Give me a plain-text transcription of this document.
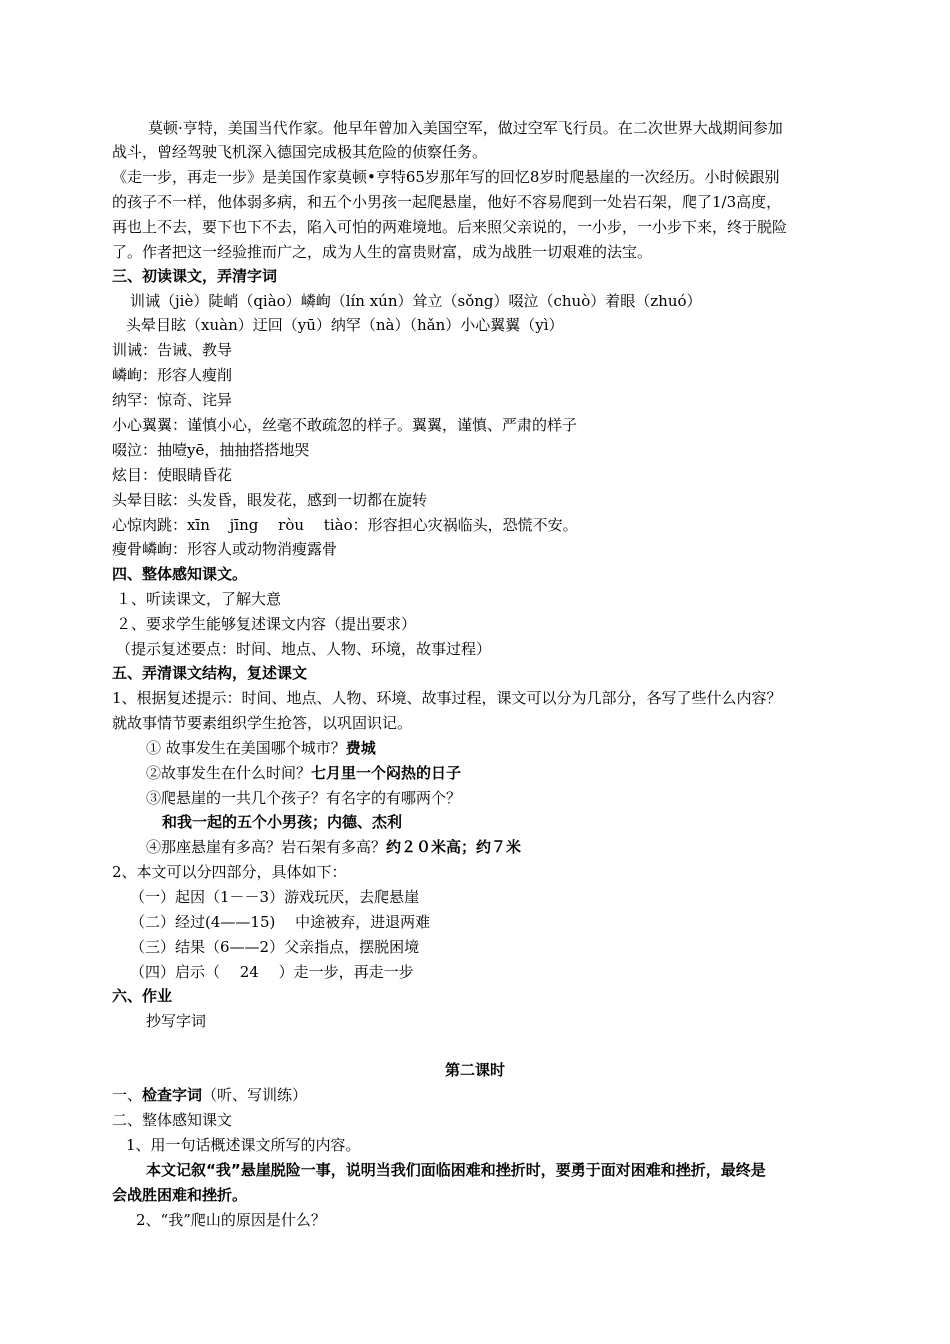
莫顿·亨特，美国当代作家。他早年曾加入美国空军，做过空军飞行员。在二次世界大战期间参加
战斗，曾经驾驶飞机深入德国完成极其危险的侦察任务。
《走一步，再走一步》是美国作家莫顿•亨特65岁那年写的回忆8岁时爬悬崖的一次经历。小时候跟别
的孩子不一样，他体弱多病，和五个小男孩一起爬悬崖，他好不容易爬到一处岩石架，爬了1/3高度，
再也上不去，要下也下不去，陷入可怕的两难境地。后来照父亲说的，一小步，一小步下来，终于脱险
了。作者把这一经验推而广之，成为人生的富贵财富，成为战胜一切艰难的法宝。
三、初读课文，弄清字词
训诫（jiè）陡峭（qiào）嶙峋（lín xún）耸立（sǒng）啜泣（chuò）着眼（zhuó）
头晕目眩（xuàn）迂回（yū）纳罕（nà）（hǎn）小心翼翼（yì）
训诫：告诫、教导
嶙峋：形容人瘦削
纳罕：惊奇、诧异
小心翼翼：谨慎小心，丝毫不敢疏忽的样子。翼翼，谨慎、严肃的样子
啜泣：抽噎yē，抽抽搭搭地哭
炫目：使眼睛昏花
头晕目眩：头发昏，眼发花，感到一切都在旋转
心惊肉跳：xīn　 jīng　 ròu　 tiào：形容担心灾祸临头，恐慌不安。
瘦骨嶙峋：形容人或动物消瘦露骨
四、整体感知课文。
１、听读课文，了解大意
２、要求学生能够复述课文内容（提出要求）
（提示复述要点：时间、地点、人物、环境，故事过程）
五、弄清课文结构，复述课文
1、根据复述提示：时间、地点、人物、环境、故事过程，课文可以分为几部分，各写了些什么内容？
就故事情节要素组织学生抢答，以巩固识记。
① 故事发生在美国哪个城市？费城
②故事发生在什么时间？七月里一个闷热的日子
③爬悬崖的一共几个孩子？有名字的有哪两个？
和我一起的五个小男孩；内德、杰利
④那座悬崖有多高？岩石架有多高？约２０米高；约７米
2、本文可以分四部分，具体如下：
（一）起因（1－－3）游戏玩厌，去爬悬崖
（二）经过(4——15)　 中途被弃，进退两难
（三）结果（6——2）父亲指点，摆脱困境
（四）启示（　 24　 ）走一步，再走一步
六、作业
抄写字词
第二课时
一、检查字词（听、写训练）
二、整体感知课文
1、用一句话概述课文所写的内容。
本文记叙“我”悬崖脱险一事，说明当我们面临困难和挫折时，要勇于面对困难和挫折，最终是
会战胜困难和挫折。
2、“我”爬山的原因是什么？
